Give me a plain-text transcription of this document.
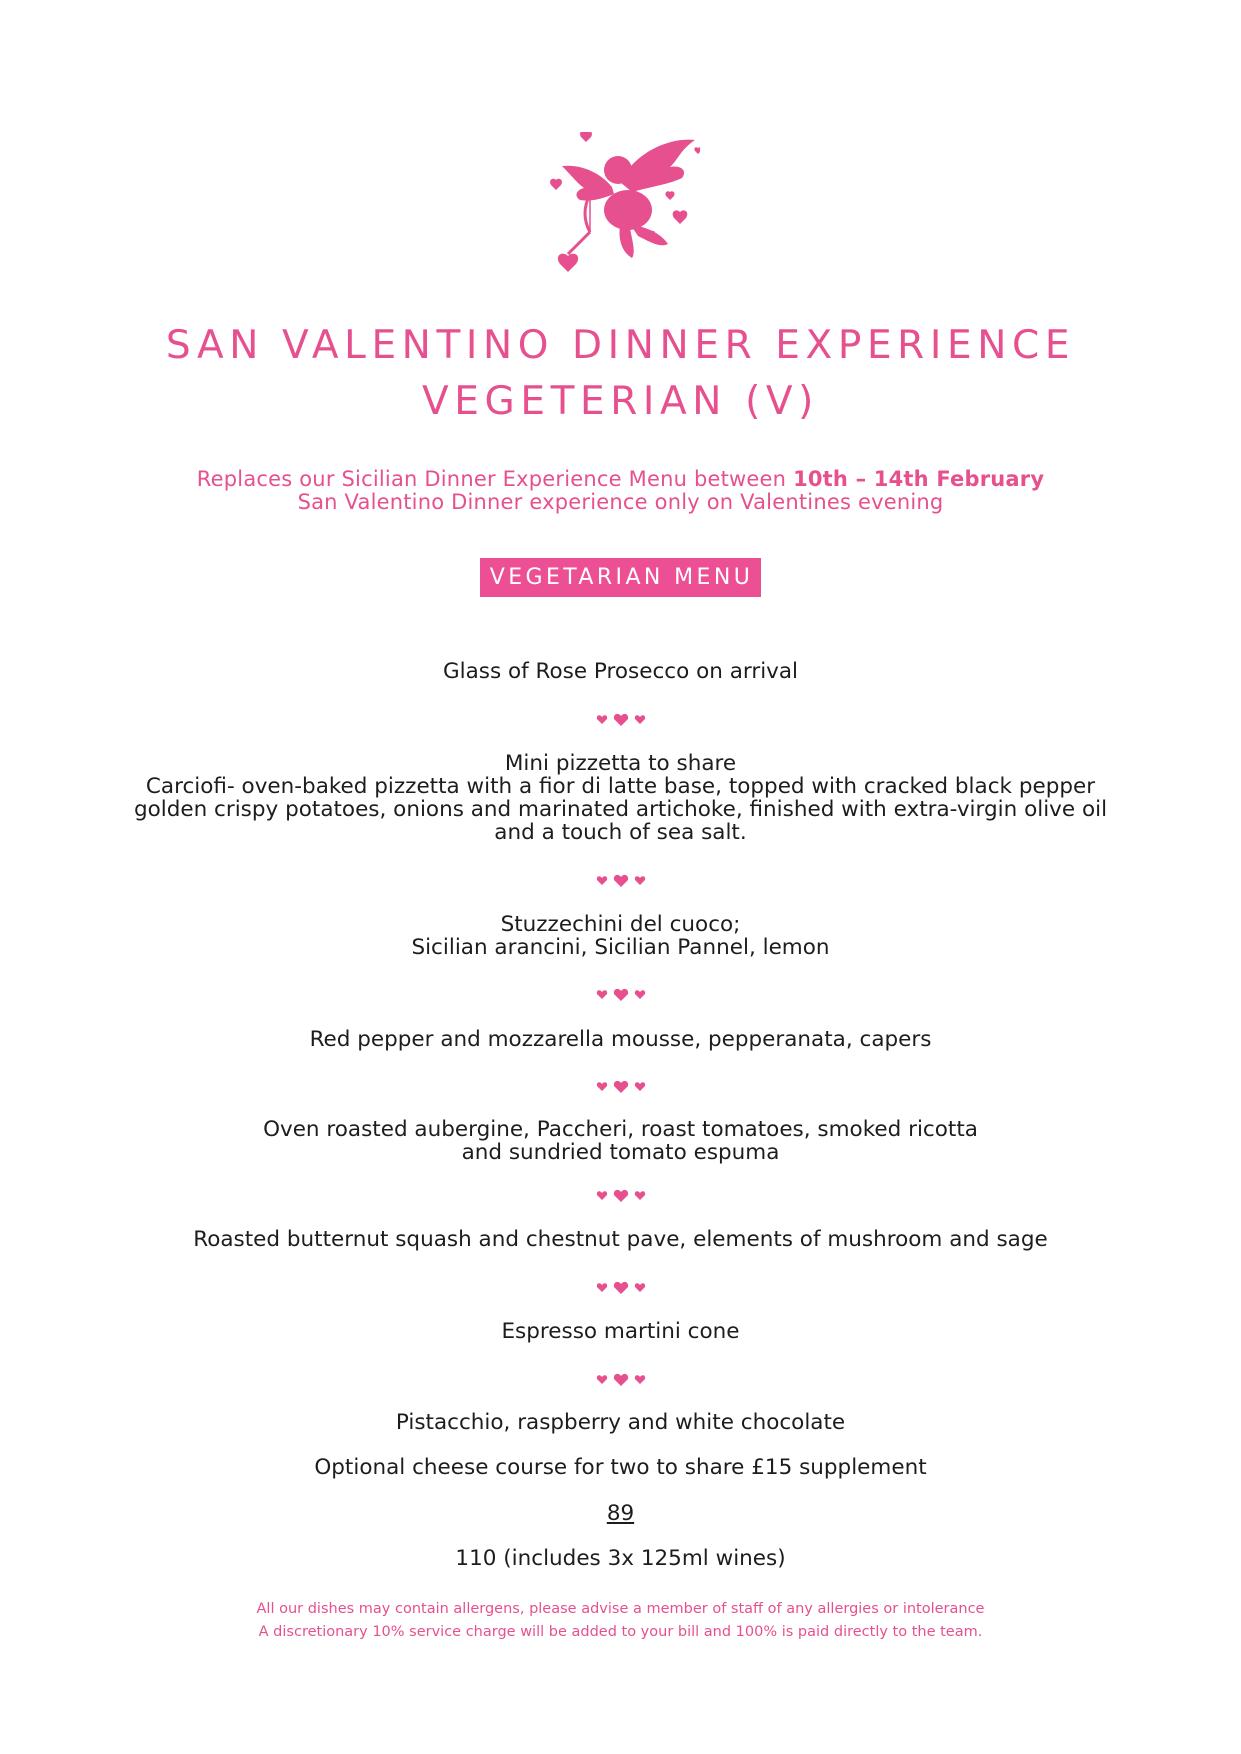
SAN VALENTINO DINNER EXPERIENCE
VEGETERIAN (V)
Replaces our Sicilian Dinner Experience Menu between 10th – 14th February
San Valentino Dinner experience only on Valentines evening
VEGETARIAN MENU
Glass of Rose Prosecco on arrival
Mini pizzetta to share
Carciofi- oven-baked pizzetta with a fior di latte base, topped with cracked black pepper
golden crispy potatoes, onions and marinated artichoke, finished with extra-virgin olive oil
and a touch of sea salt.
Stuzzechini del cuoco;
Sicilian arancini, Sicilian Pannel, lemon
Red pepper and mozzarella mousse, pepperanata, capers
Oven roasted aubergine, Paccheri, roast tomatoes, smoked ricotta
and sundried tomato espuma
Roasted butternut squash and chestnut pave, elements of mushroom and sage
Espresso martini cone
Pistacchio, raspberry and white chocolate
Optional cheese course for two to share £15 supplement
89
110 (includes 3x 125ml wines)
All our dishes may contain allergens, please advise a member of staff of any allergies or intolerance
A discretionary 10% service charge will be added to your bill and 100% is paid directly to the team.
